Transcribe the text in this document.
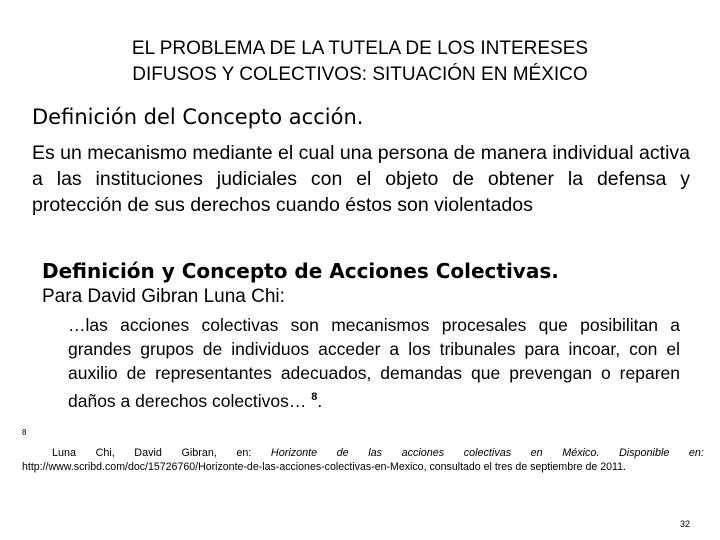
EL PROBLEMA DE LA TUTELA DE LOS INTERESES
DIFUSOS Y COLECTIVOS: SITUACIÓN EN MÉXICO
Definición del Concepto acción.
Es un mecanismo mediante el cual una persona de manera individual activa a las instituciones judiciales con el objeto de obtener la defensa y protección de sus derechos cuando éstos son violentados
Definición y Concepto de Acciones Colectivas.
Para David Gibran Luna Chi:
…las acciones colectivas son mecanismos procesales que posibilitan a grandes grupos de individuos acceder a los tribunales para incoar, con el auxilio de representantes adecuados, demandas que prevengan o reparen daños a derechos colectivos… $^8$.
8
Luna Chi, David Gibran, en: Horizonte de las acciones colectivas en México. Disponible en:
http://www.scribd.com/doc/15726760/Horizonte-de-las-acciones-colectivas-en-Mexico, consultado el tres de septiembre de 2011.
32
